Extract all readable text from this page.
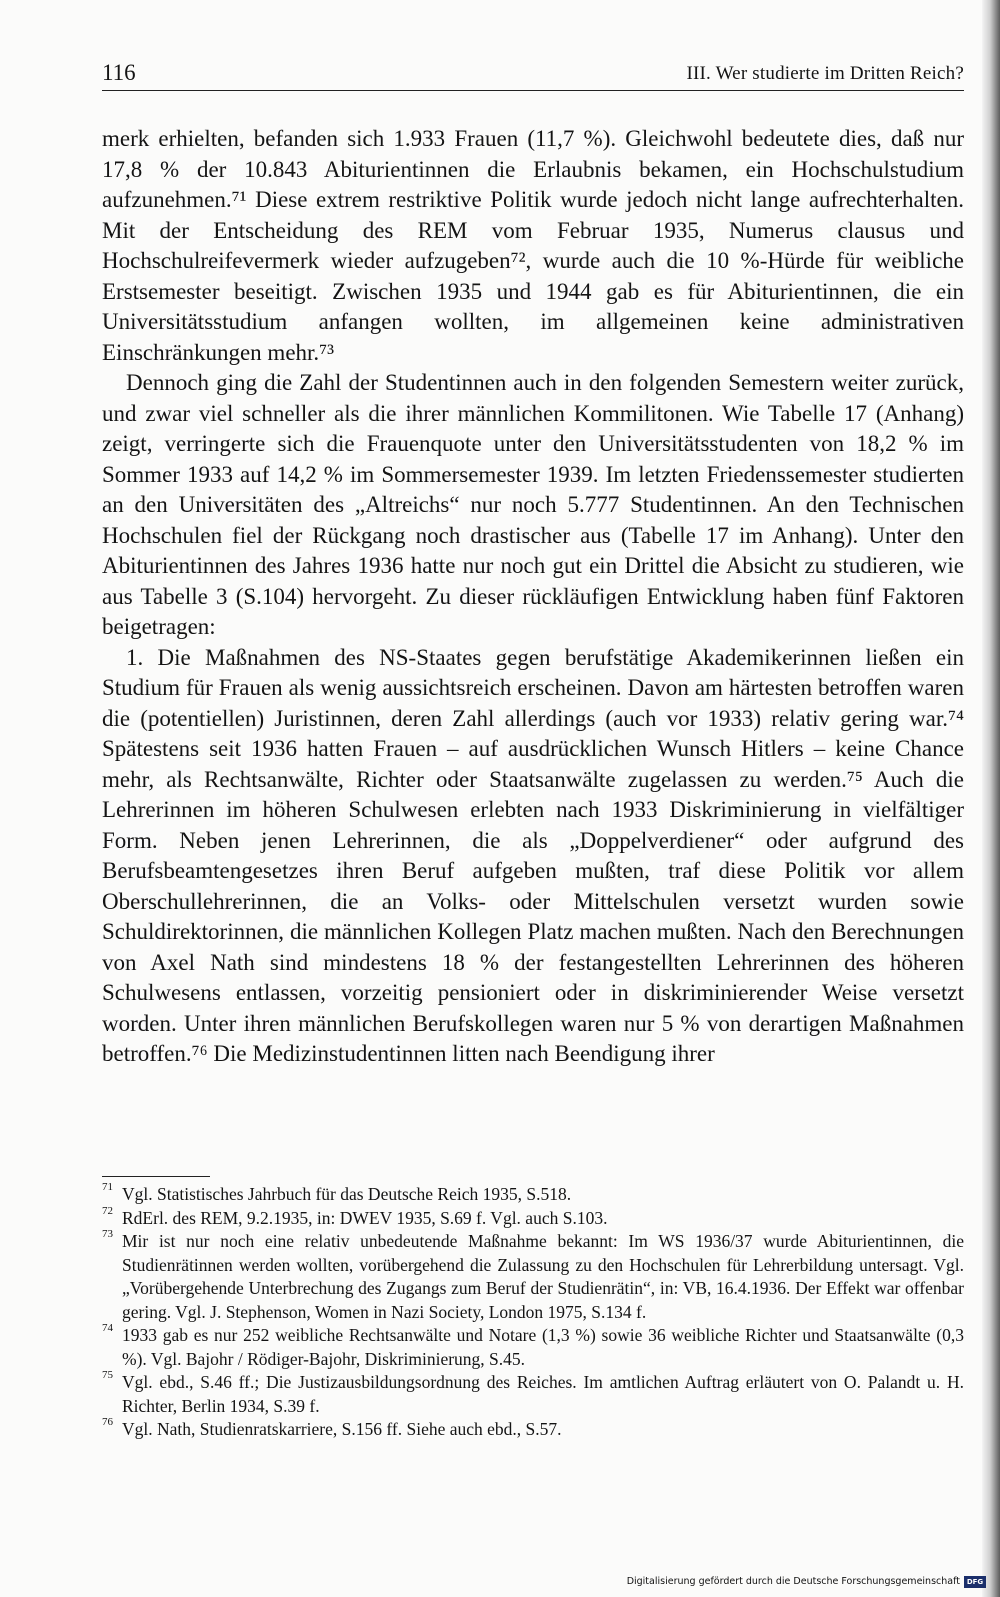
116	III. Wer studierte im Dritten Reich?

merk erhielten, befanden sich 1.933 Frauen (11,7 %). Gleichwohl bedeutete dies, daß nur 17,8 % der 10.843 Abiturientinnen die Erlaubnis bekamen, ein Hochschulstudium aufzunehmen.⁷¹ Diese extrem restriktive Politik wurde jedoch nicht lange aufrechterhalten. Mit der Entscheidung des REM vom Februar 1935, Numerus clausus und Hochschulreifevermerk wieder aufzugeben⁷², wurde auch die 10 %-Hürde für weibliche Erstsemester beseitigt. Zwischen 1935 und 1944 gab es für Abiturientinnen, die ein Universitätsstudium anfangen wollten, im allgemeinen keine administrativen Einschränkungen mehr.⁷³

Dennoch ging die Zahl der Studentinnen auch in den folgenden Semestern weiter zurück, und zwar viel schneller als die ihrer männlichen Kommilitonen. Wie Tabelle 17 (Anhang) zeigt, verringerte sich die Frauenquote unter den Universitätsstudenten von 18,2 % im Sommer 1933 auf 14,2 % im Sommersemester 1939. Im letzten Friedenssemester studierten an den Universitäten des „Altreichs“ nur noch 5.777 Studentinnen. An den Technischen Hochschulen fiel der Rückgang noch drastischer aus (Tabelle 17 im Anhang). Unter den Abiturientinnen des Jahres 1936 hatte nur noch gut ein Drittel die Absicht zu studieren, wie aus Tabelle 3 (S.104) hervorgeht. Zu dieser rückläufigen Entwicklung haben fünf Faktoren beigetragen:

1. Die Maßnahmen des NS-Staates gegen berufstätige Akademikerinnen ließen ein Studium für Frauen als wenig aussichtsreich erscheinen. Davon am härtesten betroffen waren die (potentiellen) Juristinnen, deren Zahl allerdings (auch vor 1933) relativ gering war.⁷⁴ Spätestens seit 1936 hatten Frauen – auf ausdrücklichen Wunsch Hitlers – keine Chance mehr, als Rechtsanwälte, Richter oder Staatsanwälte zugelassen zu werden.⁷⁵ Auch die Lehrerinnen im höheren Schulwesen erlebten nach 1933 Diskriminierung in vielfältiger Form. Neben jenen Lehrerinnen, die als „Doppelverdiener“ oder aufgrund des Berufsbeamtengesetzes ihren Beruf aufgeben mußten, traf diese Politik vor allem Oberschullehrerinnen, die an Volks- oder Mittelschulen versetzt wurden sowie Schuldirektorinnen, die männlichen Kollegen Platz machen mußten. Nach den Berechnungen von Axel Nath sind mindestens 18 % der festangestellten Lehrerinnen des höheren Schulwesens entlassen, vorzeitig pensioniert oder in diskriminierender Weise versetzt worden. Unter ihren männlichen Berufskollegen waren nur 5 % von derartigen Maßnahmen betroffen.⁷⁶ Die Medizinstudentinnen litten nach Beendigung ihrer

71 Vgl. Statistisches Jahrbuch für das Deutsche Reich 1935, S.518.
72 RdErl. des REM, 9.2.1935, in: DWEV 1935, S.69 f. Vgl. auch S.103.
73 Mir ist nur noch eine relativ unbedeutende Maßnahme bekannt: Im WS 1936/37 wurde Abiturientinnen, die Studienrätinnen werden wollten, vorübergehend die Zulassung zu den Hochschulen für Lehrerbildung untersagt. Vgl. „Vorübergehende Unterbrechung des Zugangs zum Beruf der Studienrätin“, in: VB, 16.4.1936. Der Effekt war offenbar gering. Vgl. J. Stephenson, Women in Nazi Society, London 1975, S.134 f.
74 1933 gab es nur 252 weibliche Rechtsanwälte und Notare (1,3 %) sowie 36 weibliche Richter und Staatsanwälte (0,3 %). Vgl. Bajohr / Rödiger-Bajohr, Diskriminierung, S.45.
75 Vgl. ebd., S.46 ff.; Die Justizausbildungsordnung des Reiches. Im amtlichen Auftrag erläutert von O. Palandt u. H. Richter, Berlin 1934, S.39 f.
76 Vgl. Nath, Studienratskarriere, S.156 ff. Siehe auch ebd., S.57.
Digitalisierung gefördert durch die Deutsche Forschungsgemeinschaft DFG
